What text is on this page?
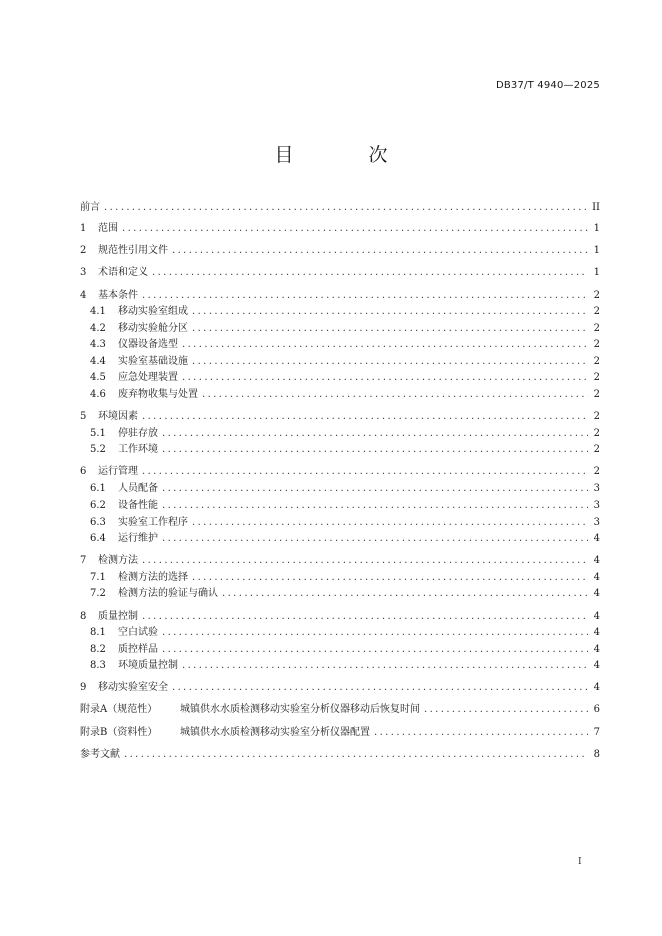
DB37/T 4940—2025
目　次
前言 .....	II
1	范围 .....	1
2	规范性引用文件 .....	1
3	术语和定义 .....	1
4	基本条件 .....	2
4.1	移动实验室组成 .....	2
4.2	移动实验舱分区 .....	2
4.3	仪器设备选型 .....	2
4.4	实验室基础设施 .....	2
4.5	应急处理装置 .....	2
4.6	废弃物收集与处置 .....	2
5	环境因素 .....	2
5.1	停驻存放 .....	2
5.2	工作环境 .....	2
6	运行管理 .....	2
6.1	人员配备 .....	3
6.2	设备性能 .....	3
6.3	实验室工作程序 .....	3
6.4	运行维护 .....	4
7	检测方法 .....	4
7.1	检测方法的选择 .....	4
7.2	检测方法的验证与确认 .....	4
8	质量控制 .....	4
8.1	空白试验 .....	4
8.2	质控样品 .....	4
8.3	环境质量控制 .....	4
9	移动实验室安全 .....	4
附录A（规范性）	城镇供水水质检测移动实验室分析仪器移动后恢复时间 .....	6
附录B（资料性）	城镇供水水质检测移动实验室分析仪器配置 .....	7
参考文献 .....	8
I
